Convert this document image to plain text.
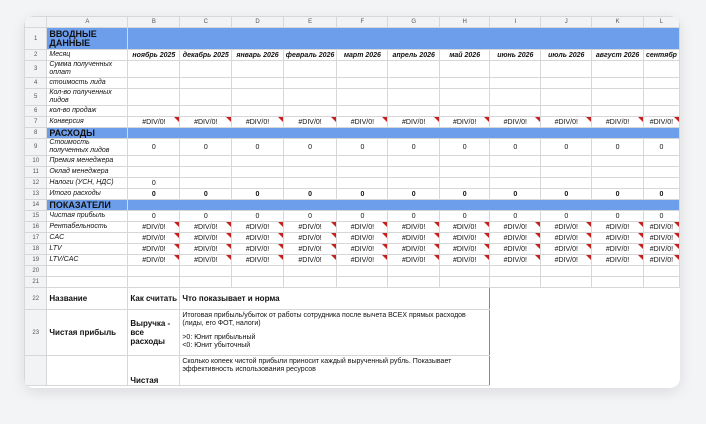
	A	B	C	D	E	F	G	H	I	J	K	L
1	ВВОДНЫЕ ДАННЫЕ											
2	Месяц	ноябрь 2025	декабрь 2025	январь 2026	февраль 2026	март 2026	апрель 2026	май 2026	июнь 2026	июль 2026	август 2026	сентябр
3	Сумма полученных оплат											
4	стоимость лида											
5	Кол-во полученных лидов											
6	кол-во продаж											
7	Конверсия	#DIV/0!	#DIV/0!	#DIV/0!	#DIV/0!	#DIV/0!	#DIV/0!	#DIV/0!	#DIV/0!	#DIV/0!	#DIV/0!	#DIV/0!
8	РАСХОДЫ											
9	Стоимость полученных лидов	0	0	0	0	0	0	0	0	0	0	0
10	Премия менеджера											
11	Оклад менеджера											
12	Налоги (УСН, НДС)	0										
13	Итого расходы	0	0	0	0	0	0	0	0	0	0	0
14	ПОКАЗАТЕЛИ											
15	Чистая прибыль	0	0	0	0	0	0	0	0	0	0	0
16	Рентабельность	#DIV/0!	#DIV/0!	#DIV/0!	#DIV/0!	#DIV/0!	#DIV/0!	#DIV/0!	#DIV/0!	#DIV/0!	#DIV/0!	#DIV/0!
17	CAC	#DIV/0!	#DIV/0!	#DIV/0!	#DIV/0!	#DIV/0!	#DIV/0!	#DIV/0!	#DIV/0!	#DIV/0!	#DIV/0!	#DIV/0!
18	LTV	#DIV/0!	#DIV/0!	#DIV/0!	#DIV/0!	#DIV/0!	#DIV/0!	#DIV/0!	#DIV/0!	#DIV/0!	#DIV/0!	#DIV/0!
19	LTV/CAC	#DIV/0!	#DIV/0!	#DIV/0!	#DIV/0!	#DIV/0!	#DIV/0!	#DIV/0!	#DIV/0!	#DIV/0!	#DIV/0!	#DIV/0!
20												
21												
22	Название	Как считать	Что показывает и норма									
23	Чистая прибыль	Выручка - все расходы	Итоговая прибыль/убыток от работы сотрудника после вычета ВСЕХ прямых расходов (лиды, его ФОТ, налоги)
>0: Юнит прибыльный
<0: Юнит убыточный									

		Чистая	Сколько копеек чистой прибыли приносит каждый вырученный рубль. Показывает эффективность использования ресурсов									
